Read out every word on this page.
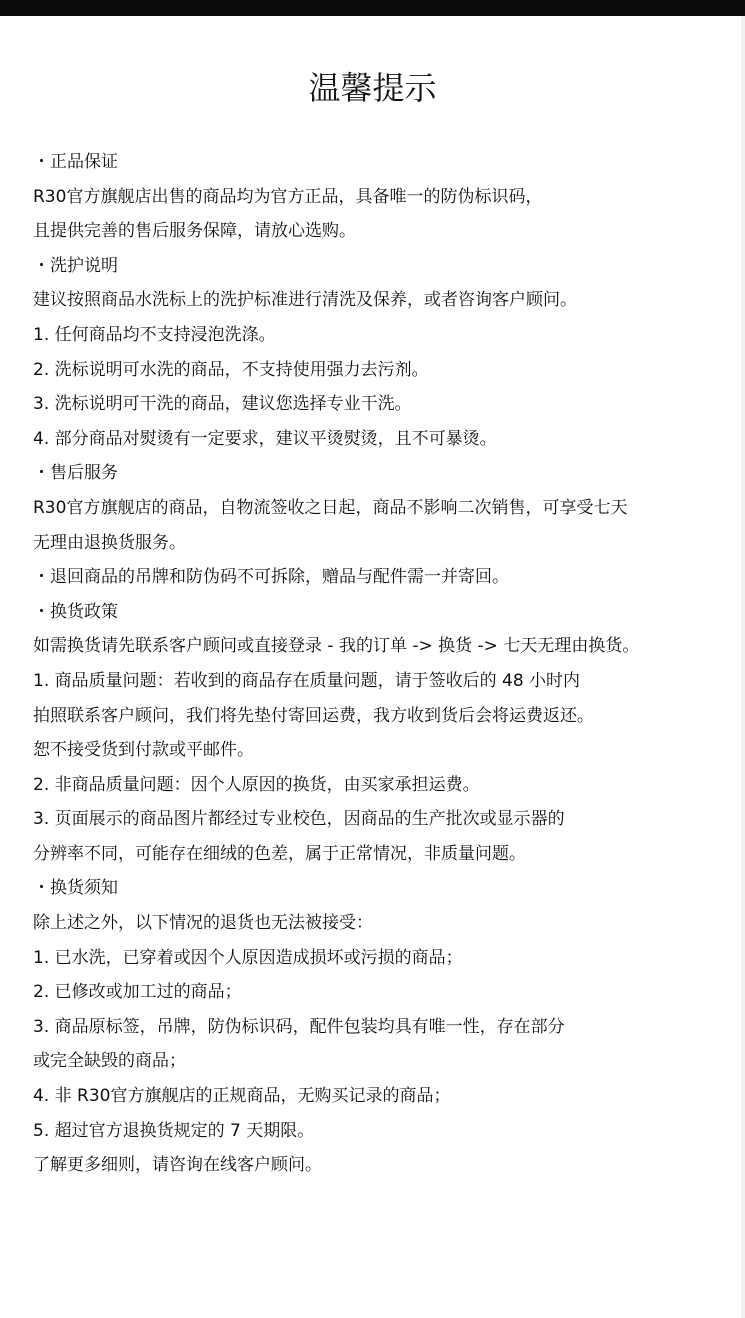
温馨提示
・正品保证
R30官方旗舰店出售的商品均为官方正品，具备唯一的防伪标识码，
且提供完善的售后服务保障，请放心选购。
・洗护说明
建议按照商品水洗标上的洗护标准进行清洗及保养，或者咨询客户顾问。
1. 任何商品均不支持浸泡洗涤。
2. 洗标说明可水洗的商品，不支持使用强力去污剂。
3. 洗标说明可干洗的商品，建议您选择专业干洗。
4. 部分商品对熨烫有一定要求，建议平烫熨烫，且不可暴烫。
・售后服务
R30官方旗舰店的商品，自物流签收之日起，商品不影响二次销售，可享受七天
无理由退换货服务。
・退回商品的吊牌和防伪码不可拆除，赠品与配件需一并寄回。
・换货政策
如需换货请先联系客户顾问或直接登录 - 我的订单 -> 换货 -> 七天无理由换货。
1. 商品质量问题：若收到的商品存在质量问题，请于签收后的 48 小时内
拍照联系客户顾问，我们将先垫付寄回运费，我方收到货后会将运费返还。
恕不接受货到付款或平邮件。
2. 非商品质量问题：因个人原因的换货，由买家承担运费。
3. 页面展示的商品图片都经过专业校色，因商品的生产批次或显示器的
分辨率不同，可能存在细绒的色差，属于正常情况，非质量问题。
・换货须知
除上述之外，以下情况的退货也无法被接受：
1. 已水洗，已穿着或因个人原因造成损坏或污损的商品；
2. 已修改或加工过的商品；
3. 商品原标签，吊牌，防伪标识码，配件包装均具有唯一性，存在部分
或完全缺毁的商品；
4. 非 R30官方旗舰店的正规商品，无购买记录的商品；
5. 超过官方退换货规定的 7 天期限。
了解更多细则，请咨询在线客户顾问。
